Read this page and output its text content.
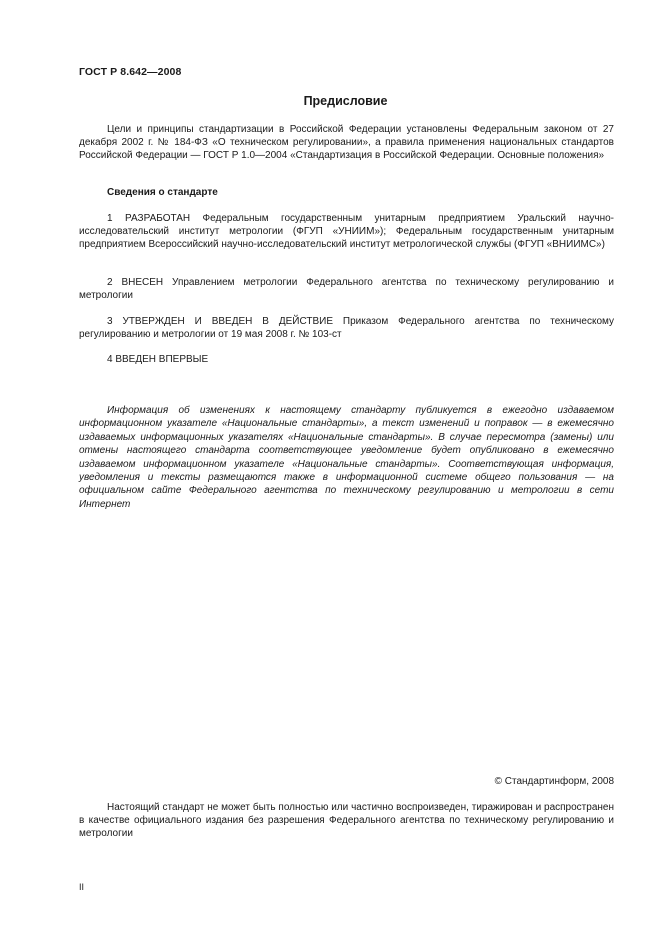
ГОСТ Р 8.642—2008

Предисловие

Цели и принципы стандартизации в Российской Федерации установлены Федеральным законом от 27 декабря 2002 г. № 184-ФЗ «О техническом регулировании», а правила применения национальных стандартов Российской Федерации — ГОСТ Р 1.0—2004 «Стандартизация в Российской Федерации. Основные положения»

Сведения о стандарте

1 РАЗРАБОТАН Федеральным государственным унитарным предприятием Уральский научно-исследовательский институт метрологии (ФГУП «УНИИМ»); Федеральным государственным унитарным предприятием Всероссийский научно-исследовательский институт метрологической службы (ФГУП «ВНИИМС»)

2 ВНЕСЕН Управлением метрологии Федерального агентства по техническому регулированию и метрологии

3 УТВЕРЖДЕН И ВВЕДЕН В ДЕЙСТВИЕ Приказом Федерального агентства по техническому регулированию и метрологии от 19 мая 2008 г. № 103-ст

4 ВВЕДЕН ВПЕРВЫЕ

Информация об изменениях к настоящему стандарту публикуется в ежегодно издаваемом информационном указателе «Национальные стандарты», а текст изменений и поправок — в ежемесячно издаваемых информационных указателях «Национальные стандарты». В случае пересмотра (замены) или отмены настоящего стандарта соответствующее уведомление будет опубликовано в ежемесячно издаваемом информационном указателе «Национальные стандарты». Соответствующая информация, уведомления и тексты размещаются также в информационной системе общего пользования — на официальном сайте Федерального агентства по техническому регулированию и метрологии в сети Интернет

© Стандартинформ, 2008

Настоящий стандарт не может быть полностью или частично воспроизведен, тиражирован и распространен в качестве официального издания без разрешения Федерального агентства по техническому регулированию и метрологии

II
